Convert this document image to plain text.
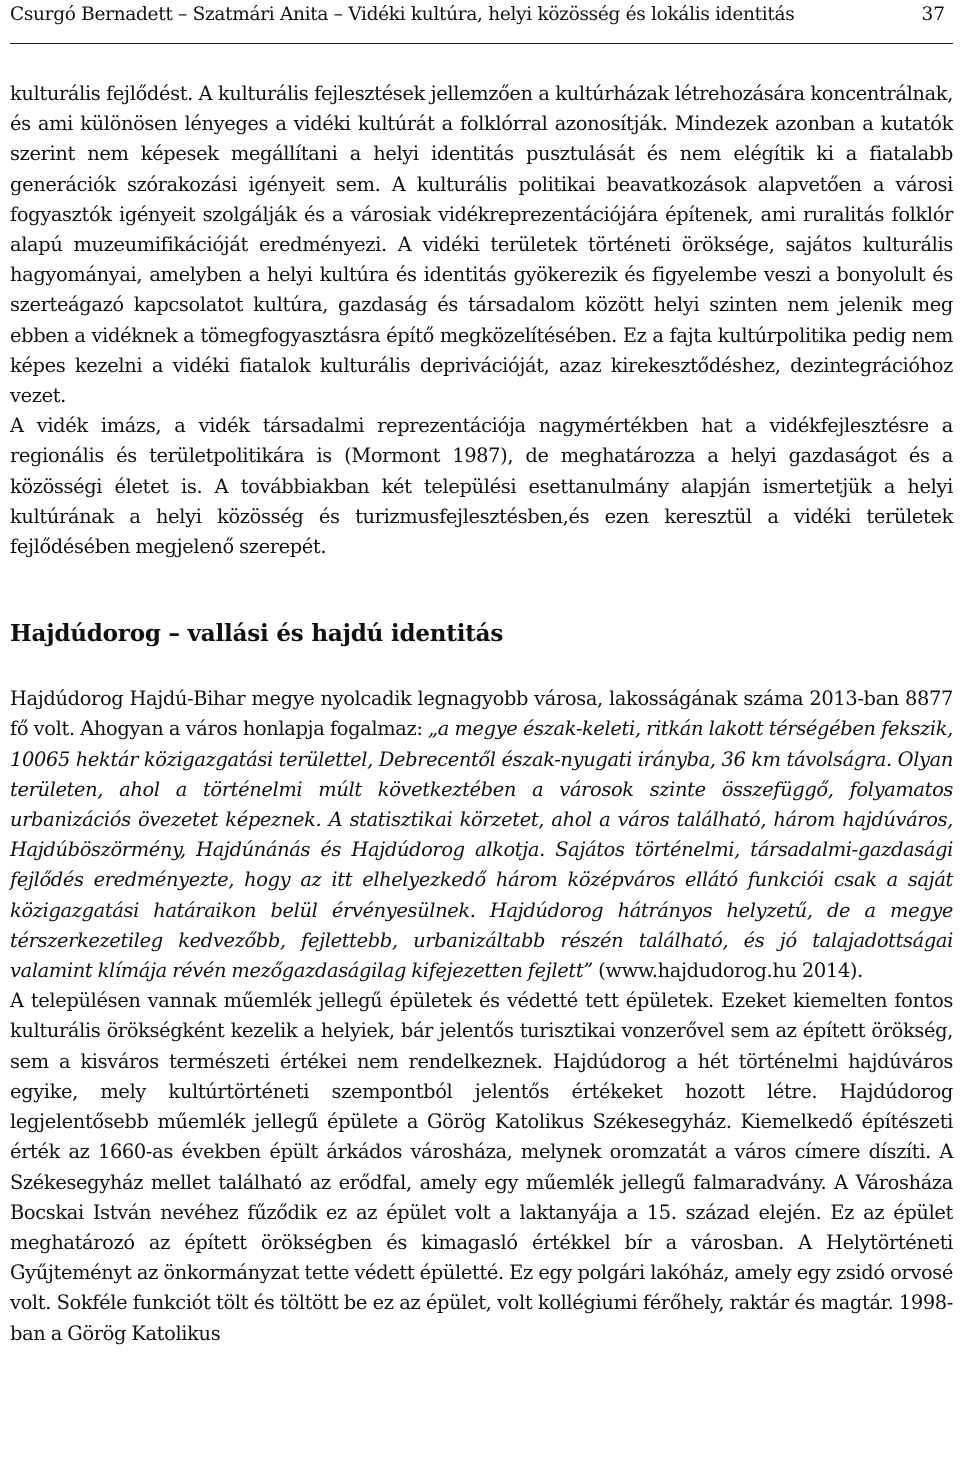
Csurgó Bernadett – Szatmári Anita – Vidéki kultúra, helyi közösség és lokális identitás	37

kulturális fejlődést. A kulturális fejlesztések jellemzően a kultúrházak létrehozására koncentrálnak, és ami különösen lényeges a vidéki kultúrát a folklórral azonosítják. Mindezek azonban a kutatók szerint nem képesek megállítani a helyi identitás pusztulását és nem elégítik ki a fiatalabb generációk szórakozási igényeit sem. A kulturális politikai beavatkozások alapvetően a városi fogyasztók igényeit szolgálják és a városiak vidékreprezentációjára építenek, ami ruralitás folklór alapú muzeumifikációját eredményezi. A vidéki területek történeti öröksége, sajátos kulturális hagyományai, amelyben a helyi kultúra és identitás gyökerezik és figyelembe veszi a bonyolult és szerteágazó kapcsolatot kultúra, gazdaság és társadalom között helyi szinten nem jelenik meg ebben a vidéknek a tömegfogyasztásra építő megközelítésében. Ez a fajta kultúrpolitika pedig nem képes kezelni a vidéki fiatalok kulturális deprivációját, azaz kirekesztődéshez, dezintegrációhoz vezet.

A vidék imázs, a vidék társadalmi reprezentációja nagymértékben hat a vidékfejlesztésre a regionális és területpolitikára is (Mormont 1987), de meghatározza a helyi gazdaságot és a közösségi életet is. A továbbiakban két települési esettanulmány alapján ismertetjük a helyi kultúrának a helyi közösség és turizmusfejlesztésben,és ezen keresztül a vidéki területek fejlődésében megjelenő szerepét.

Hajdúdorog – vallási és hajdú identitás

Hajdúdorog Hajdú-Bihar megye nyolcadik legnagyobb városa, lakosságának száma 2013-ban 8877 fő volt. Ahogyan a város honlapja fogalmaz: „a megye észak-keleti, ritkán lakott térségében fekszik, 10065 hektár közigazgatási területtel, Debrecentől észak-nyugati irányba, 36 km távolságra. Olyan területen, ahol a történelmi múlt következtében a városok szinte összefüggő, folyamatos urbanizációs övezetet képeznek. A statisztikai körzetet, ahol a város található, három hajdúváros, Hajdúböszörmény, Hajdúnánás és Hajdúdorog alkotja. Sajátos történelmi, társadalmi-gazdasági fejlődés eredményezte, hogy az itt elhelyezkedő három középváros ellátó funkciói csak a saját közigazgatási határaikon belül érvényesülnek. Hajdúdorog hátrányos helyzetű, de a megye térszerkezetileg kedvezőbb, fejlettebb, urbanizáltabb részén található, és jó talajadottságai valamint klímája révén mezőgazdaságilag kifejezetten fejlett” (www.hajdudorog.hu 2014).

A településen vannak műemlék jellegű épületek és védetté tett épületek. Ezeket kiemelten fontos kulturális örökségként kezelik a helyiek, bár jelentős turisztikai vonzerővel sem az épített örökség, sem a kisváros természeti értékei nem rendelkeznek. Hajdúdorog a hét történelmi hajdúváros egyike, mely kultúrtörténeti szempontból jelentős értékeket hozott létre. Hajdúdorog legjelentősebb műemlék jellegű épülete a Görög Katolikus Székesegyház. Kiemelkedő építészeti érték az 1660-as években épült árkádos városháza, melynek oromzatát a város címere díszíti. A Székesegyház mellet található az erődfal, amely egy műemlék jellegű falmaradvány. A Városháza Bocskai István nevéhez fűződik ez az épület volt a laktanyája a 15. század elején. Ez az épület meghatározó az épített örökségben és kimagasló értékkel bír a városban. A Helytörténeti Gyűjteményt az önkormányzat tette védett épületté. Ez egy polgári lakóház, amely egy zsidó orvosé volt. Sokféle funkciót tölt és töltött be ez az épület, volt kollégiumi férőhely, raktár és magtár. 1998-ban a Görög Katolikus
